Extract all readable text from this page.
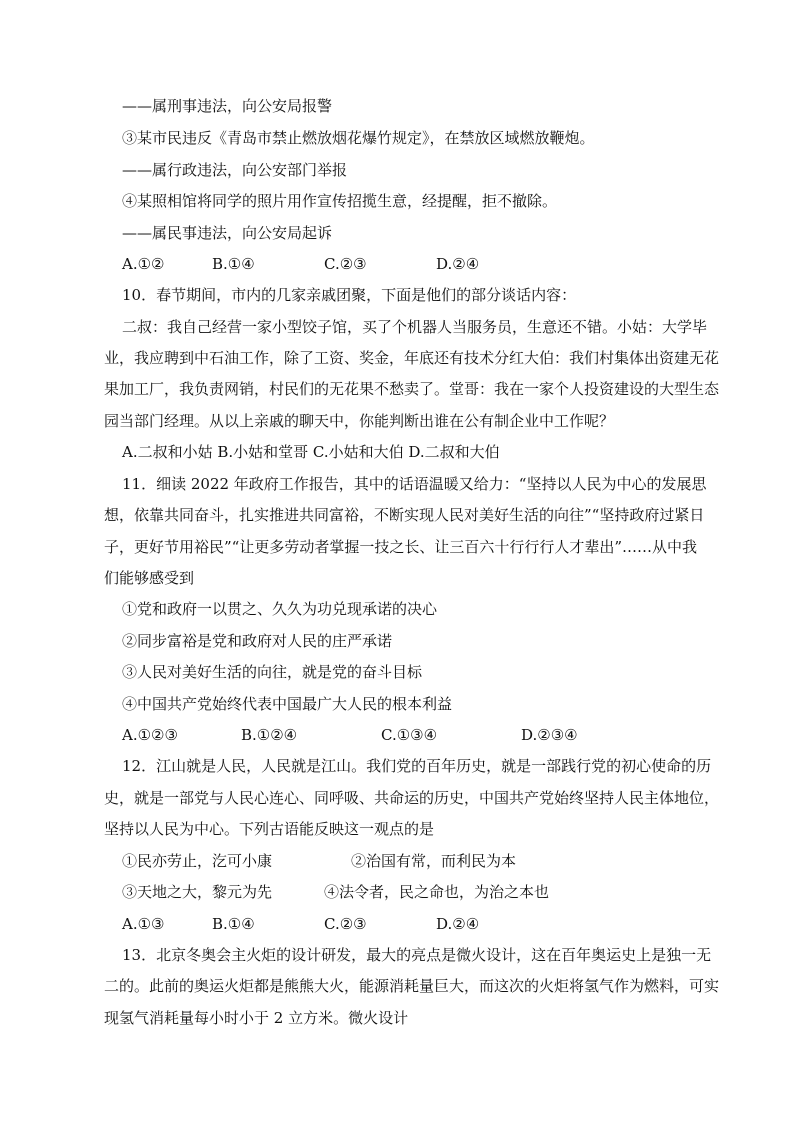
——属刑事违法，向公安局报警
③某市民违反《青岛市禁止燃放烟花爆竹规定》，在禁放区域燃放鞭炮。
——属行政违法，向公安部门举报
④某照相馆将同学的照片用作宣传招揽生意，经提醒，拒不撤除。
——属民事违法，向公安局起诉
A.①②	B.①④	C.②③	D.②④
10．春节期间，市内的几家亲戚团聚，下面是他们的部分谈话内容：
二叔：我自己经营一家小型饺子馆，买了个机器人当服务员，生意还不错。小姑：大学毕
业，我应聘到中石油工作，除了工资、奖金，年底还有技术分红大伯：我们村集体出资建无花
果加工厂，我负责网销，村民们的无花果不愁卖了。堂哥：我在一家个人投资建设的大型生态
园当部门经理。从以上亲戚的聊天中，你能判断出谁在公有制企业中工作呢？
A.二叔和小姑 B.小姑和堂哥 C.小姑和大伯 D.二叔和大伯
11．细读 2022 年政府工作报告，其中的话语温暖又给力：“坚持以人民为中心的发展思
想，依靠共同奋斗，扎实推进共同富裕，不断实现人民对美好生活的向往”“坚持政府过紧日
子，更好节用裕民”“让更多劳动者掌握一技之长、让三百六十行行行人才辈出”……从中我
们能够感受到
①党和政府一以贯之、久久为功兑现承诺的决心
②同步富裕是党和政府对人民的庄严承诺
③人民对美好生活的向往，就是党的奋斗目标
④中国共产党始终代表中国最广大人民的根本利益
A.①②③	B.①②④	C.①③④	D.②③④
12．江山就是人民，人民就是江山。我们党的百年历史，就是一部践行党的初心使命的历
史，就是一部党与人民心连心、同呼吸、共命运的历史，中国共产党始终坚持人民主体地位，
坚持以人民为中心。下列古语能反映这一观点的是
①民亦劳止，汔可小康	②治国有常，而利民为本
③天地之大，黎元为先	④法令者，民之命也，为治之本也
A.①③	B.①④	C.②③	D.②④
13．北京冬奥会主火炬的设计研发，最大的亮点是微火设计，这在百年奥运史上是独一无
二的。此前的奥运火炬都是熊熊大火，能源消耗量巨大，而这次的火炬将氢气作为燃料，可实
现氢气消耗量每小时小于 2 立方米。微火设计
